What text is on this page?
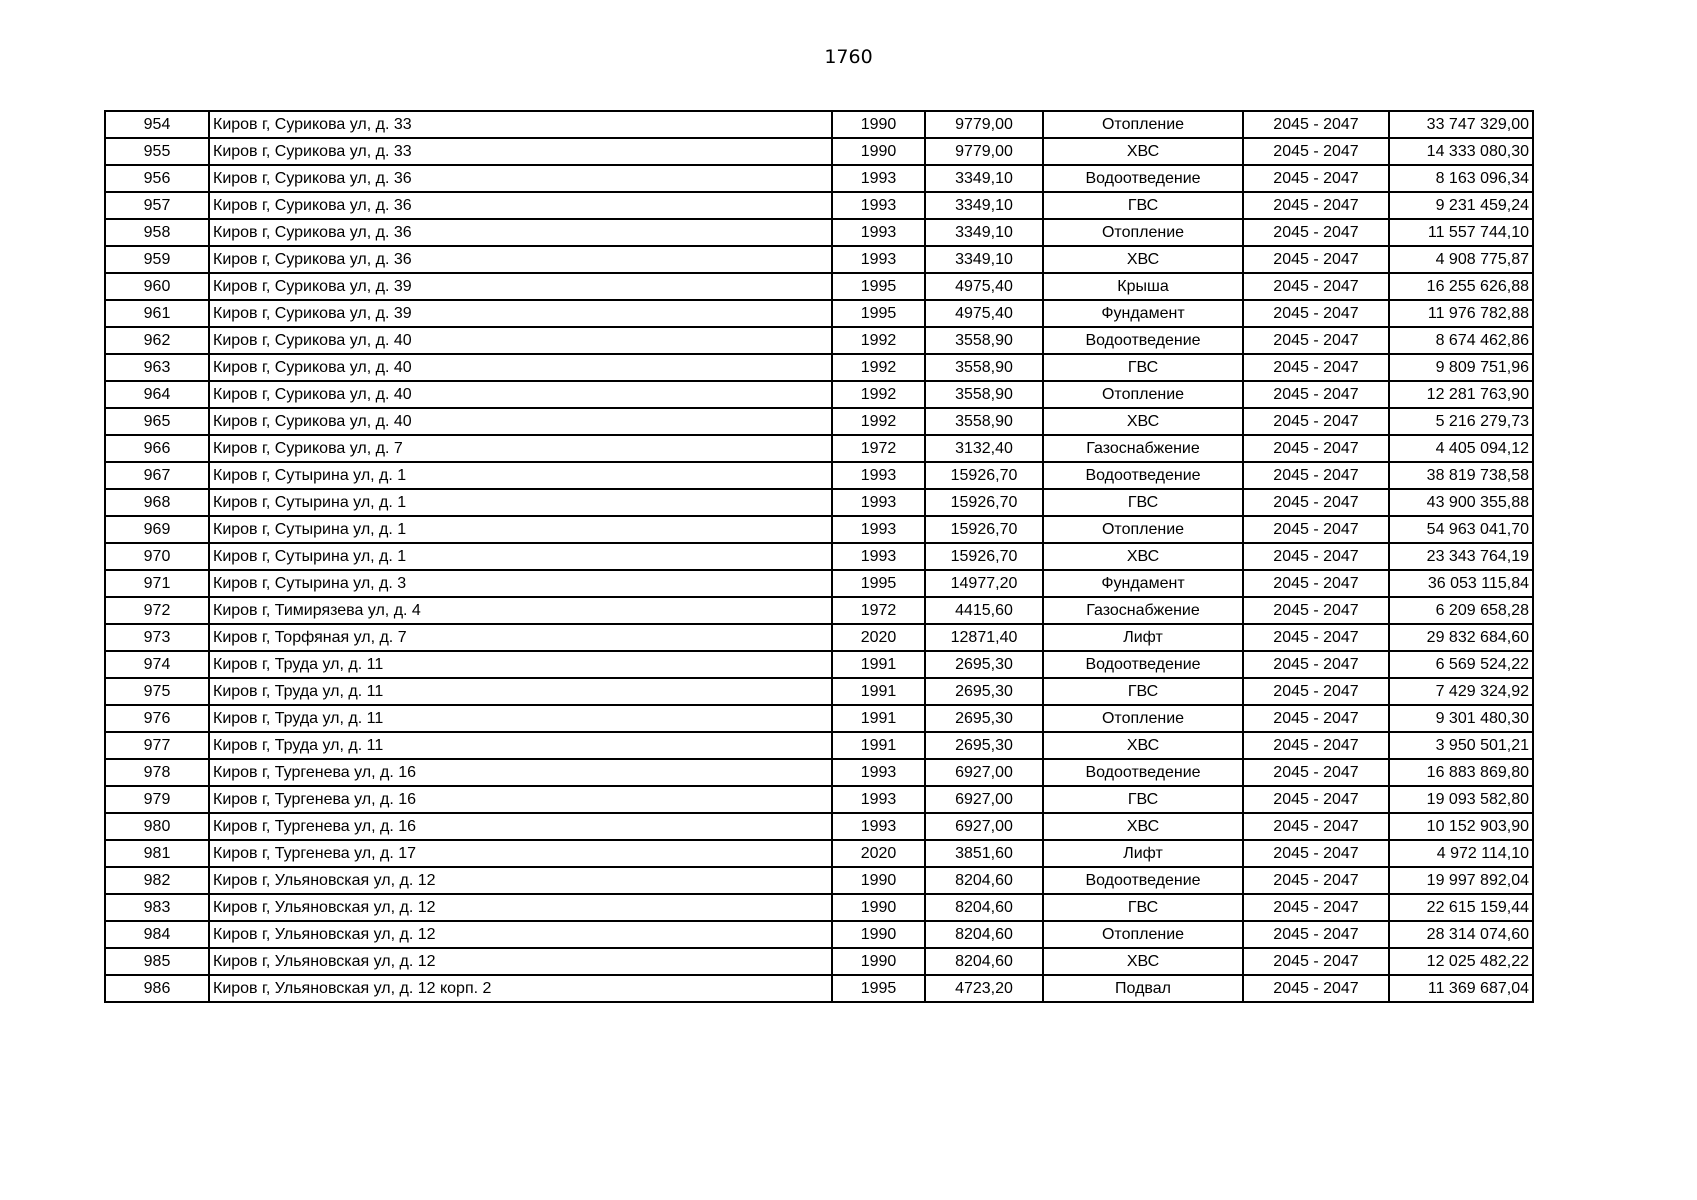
1760
954	Киров г, Сурикова ул, д. 33	1990	9779,00	Отопление	2045 - 2047	33 747 329,00
955	Киров г, Сурикова ул, д. 33	1990	9779,00	ХВС	2045 - 2047	14 333 080,30
956	Киров г, Сурикова ул, д. 36	1993	3349,10	Водоотведение	2045 - 2047	8 163 096,34
957	Киров г, Сурикова ул, д. 36	1993	3349,10	ГВС	2045 - 2047	9 231 459,24
958	Киров г, Сурикова ул, д. 36	1993	3349,10	Отопление	2045 - 2047	11 557 744,10
959	Киров г, Сурикова ул, д. 36	1993	3349,10	ХВС	2045 - 2047	4 908 775,87
960	Киров г, Сурикова ул, д. 39	1995	4975,40	Крыша	2045 - 2047	16 255 626,88
961	Киров г, Сурикова ул, д. 39	1995	4975,40	Фундамент	2045 - 2047	11 976 782,88
962	Киров г, Сурикова ул, д. 40	1992	3558,90	Водоотведение	2045 - 2047	8 674 462,86
963	Киров г, Сурикова ул, д. 40	1992	3558,90	ГВС	2045 - 2047	9 809 751,96
964	Киров г, Сурикова ул, д. 40	1992	3558,90	Отопление	2045 - 2047	12 281 763,90
965	Киров г, Сурикова ул, д. 40	1992	3558,90	ХВС	2045 - 2047	5 216 279,73
966	Киров г, Сурикова ул, д. 7	1972	3132,40	Газоснабжение	2045 - 2047	4 405 094,12
967	Киров г, Сутырина ул, д. 1	1993	15926,70	Водоотведение	2045 - 2047	38 819 738,58
968	Киров г, Сутырина ул, д. 1	1993	15926,70	ГВС	2045 - 2047	43 900 355,88
969	Киров г, Сутырина ул, д. 1	1993	15926,70	Отопление	2045 - 2047	54 963 041,70
970	Киров г, Сутырина ул, д. 1	1993	15926,70	ХВС	2045 - 2047	23 343 764,19
971	Киров г, Сутырина ул, д. 3	1995	14977,20	Фундамент	2045 - 2047	36 053 115,84
972	Киров г, Тимирязева ул, д. 4	1972	4415,60	Газоснабжение	2045 - 2047	6 209 658,28
973	Киров г, Торфяная ул, д. 7	2020	12871,40	Лифт	2045 - 2047	29 832 684,60
974	Киров г, Труда ул, д. 11	1991	2695,30	Водоотведение	2045 - 2047	6 569 524,22
975	Киров г, Труда ул, д. 11	1991	2695,30	ГВС	2045 - 2047	7 429 324,92
976	Киров г, Труда ул, д. 11	1991	2695,30	Отопление	2045 - 2047	9 301 480,30
977	Киров г, Труда ул, д. 11	1991	2695,30	ХВС	2045 - 2047	3 950 501,21
978	Киров г, Тургенева ул, д. 16	1993	6927,00	Водоотведение	2045 - 2047	16 883 869,80
979	Киров г, Тургенева ул, д. 16	1993	6927,00	ГВС	2045 - 2047	19 093 582,80
980	Киров г, Тургенева ул, д. 16	1993	6927,00	ХВС	2045 - 2047	10 152 903,90
981	Киров г, Тургенева ул, д. 17	2020	3851,60	Лифт	2045 - 2047	4 972 114,10
982	Киров г, Ульяновская ул, д. 12	1990	8204,60	Водоотведение	2045 - 2047	19 997 892,04
983	Киров г, Ульяновская ул, д. 12	1990	8204,60	ГВС	2045 - 2047	22 615 159,44
984	Киров г, Ульяновская ул, д. 12	1990	8204,60	Отопление	2045 - 2047	28 314 074,60
985	Киров г, Ульяновская ул, д. 12	1990	8204,60	ХВС	2045 - 2047	12 025 482,22
986	Киров г, Ульяновская ул, д. 12 корп. 2	1995	4723,20	Подвал	2045 - 2047	11 369 687,04
